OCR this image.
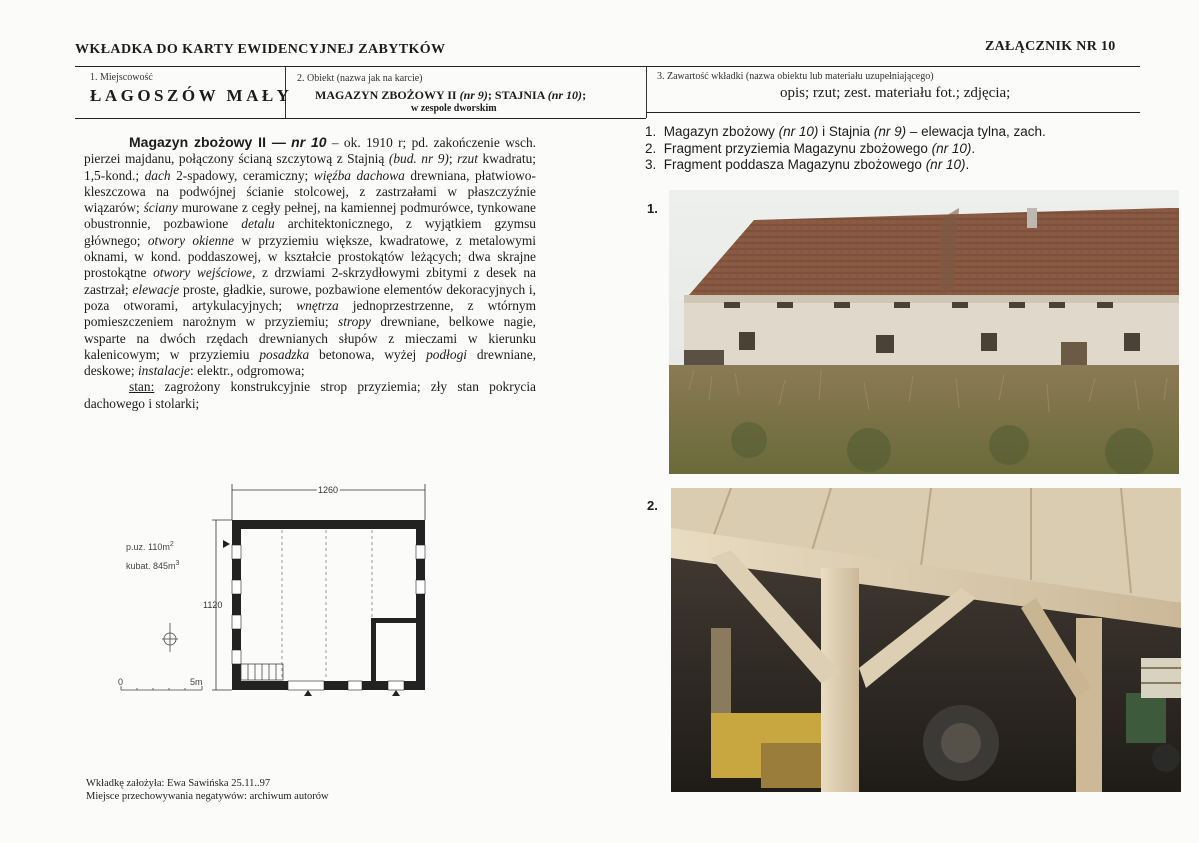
WKŁADKA DO KARTY EWIDENCYJNEJ ZABYTKÓW	ZAŁĄCZNIK NR 10
1. Miejscowość
ŁAGOSZÓW MAŁY
2. Obiekt (nazwa jak na karcie)
MAGAZYN ZBOŻOWY II (nr 9); STAJNIA (nr 10);
w zespole dworskim
3. Zawartość wkładki (nazwa obiektu lub materiału uzupełniającego)
opis; rzut; zest. materiału fot.; zdjęcia;
Magazyn zbożowy II — nr 10 – ok. 1910 r; pd. zakończenie wsch. pierzei majdanu, połączony ścianą szczytową z Stajnią (bud. nr 9); rzut kwadratu; 1,5-kond.; dach 2-spadowy, ceramiczny; więźba dachowa drewniana, płatwiowo-kleszczowa na podwójnej ścianie stolcowej, z zastrzałami w płaszczyźnie wiązarów; ściany murowane z cegły pełnej, na kamiennej podmurówce, tynkowane obustronnie, pozbawione detalu architektonicznego, z wyjątkiem gzymsu głównego; otwory okienne w przyziemiu większe, kwadratowe, z metalowymi oknami, w kond. poddaszowej, w kształcie prostokątów leżących; dwa skrajne prostokątne otwory wejściowe, z drzwiami 2-skrzydłowymi zbitymi z desek na zastrzał; elewacje proste, gładkie, surowe, pozbawione elementów dekoracyjnych i, poza otworami, artykulacyjnych; wnętrza jednoprzestrzenne, z wtórnym pomieszczeniem narożnym w przyziemiu; stropy drewniane, belkowe nagie, wsparte na dwóch rzędach drewnianych słupów z mieczami w kierunku kalenicowym; w przyziemiu posadzka betonowa, wyżej podłogi drewniane, deskowe; instalacje: elektr., odgromowa;
stan: zagrożony konstrukcyjnie strop przyziemia; zły stan pokrycia dachowego i stolarki;
1260
1120
p.uz. $110m^2$
kubat. $845m^3$
0	5m
1. Magazyn zbożowy (nr 10) i Stajnia (nr 9) – elewacja tylna, zach.
2. Fragment przyziemia Magazynu zbożowego (nr 10).
3. Fragment poddasza Magazynu zbożowego (nr 10).
1.
2.
Wkładkę założyła: Ewa Sawińska 25.11..97
Miejsce przechowywania negatywów: archiwum autorów
